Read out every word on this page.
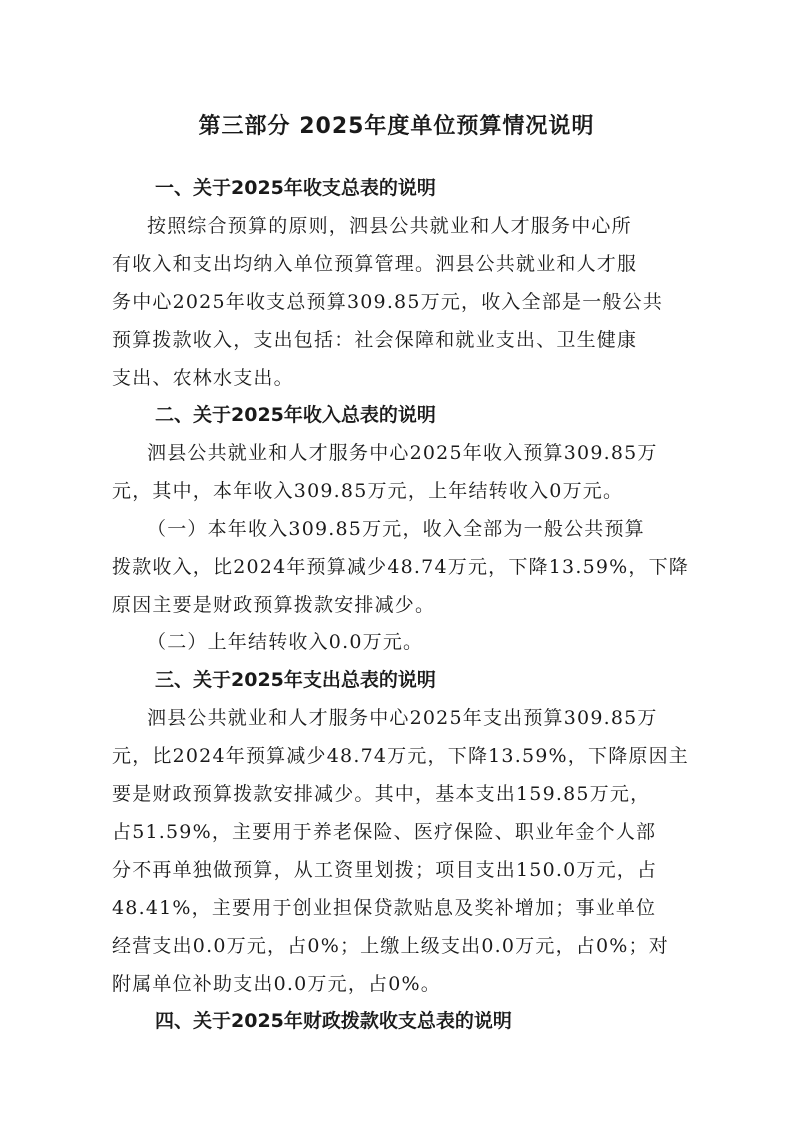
第三部分 2025年度单位预算情况说明
一、关于2025年收支总表的说明

按照综合预算的原则，泗县公共就业和人才服务中心所

有收入和支出均纳入单位预算管理。泗县公共就业和人才服

务中心2025年收支总预算309.85万元，收入全部是一般公共

预算拨款收入，支出包括：社会保障和就业支出、卫生健康

支出、农林水支出。

二、关于2025年收入总表的说明

泗县公共就业和人才服务中心2025年收入预算309.85万

元，其中，本年收入309.85万元，上年结转收入0万元。

（一）本年收入309.85万元，收入全部为一般公共预算

拨款收入，比2024年预算减少48.74万元，下降13.59%，下降

原因主要是财政预算拨款安排减少。

（二）上年结转收入0.0万元。

三、关于2025年支出总表的说明

泗县公共就业和人才服务中心2025年支出预算309.85万

元，比2024年预算减少48.74万元，下降13.59%，下降原因主

要是财政预算拨款安排减少。其中，基本支出159.85万元，

占51.59%，主要用于养老保险、医疗保险、职业年金个人部

分不再单独做预算，从工资里划拨；项目支出150.0万元，占

48.41%，主要用于创业担保贷款贴息及奖补增加；事业单位

经营支出0.0万元，占0%；上缴上级支出0.0万元，占0%；对

附属单位补助支出0.0万元，占0%。

四、关于2025年财政拨款收支总表的说明
